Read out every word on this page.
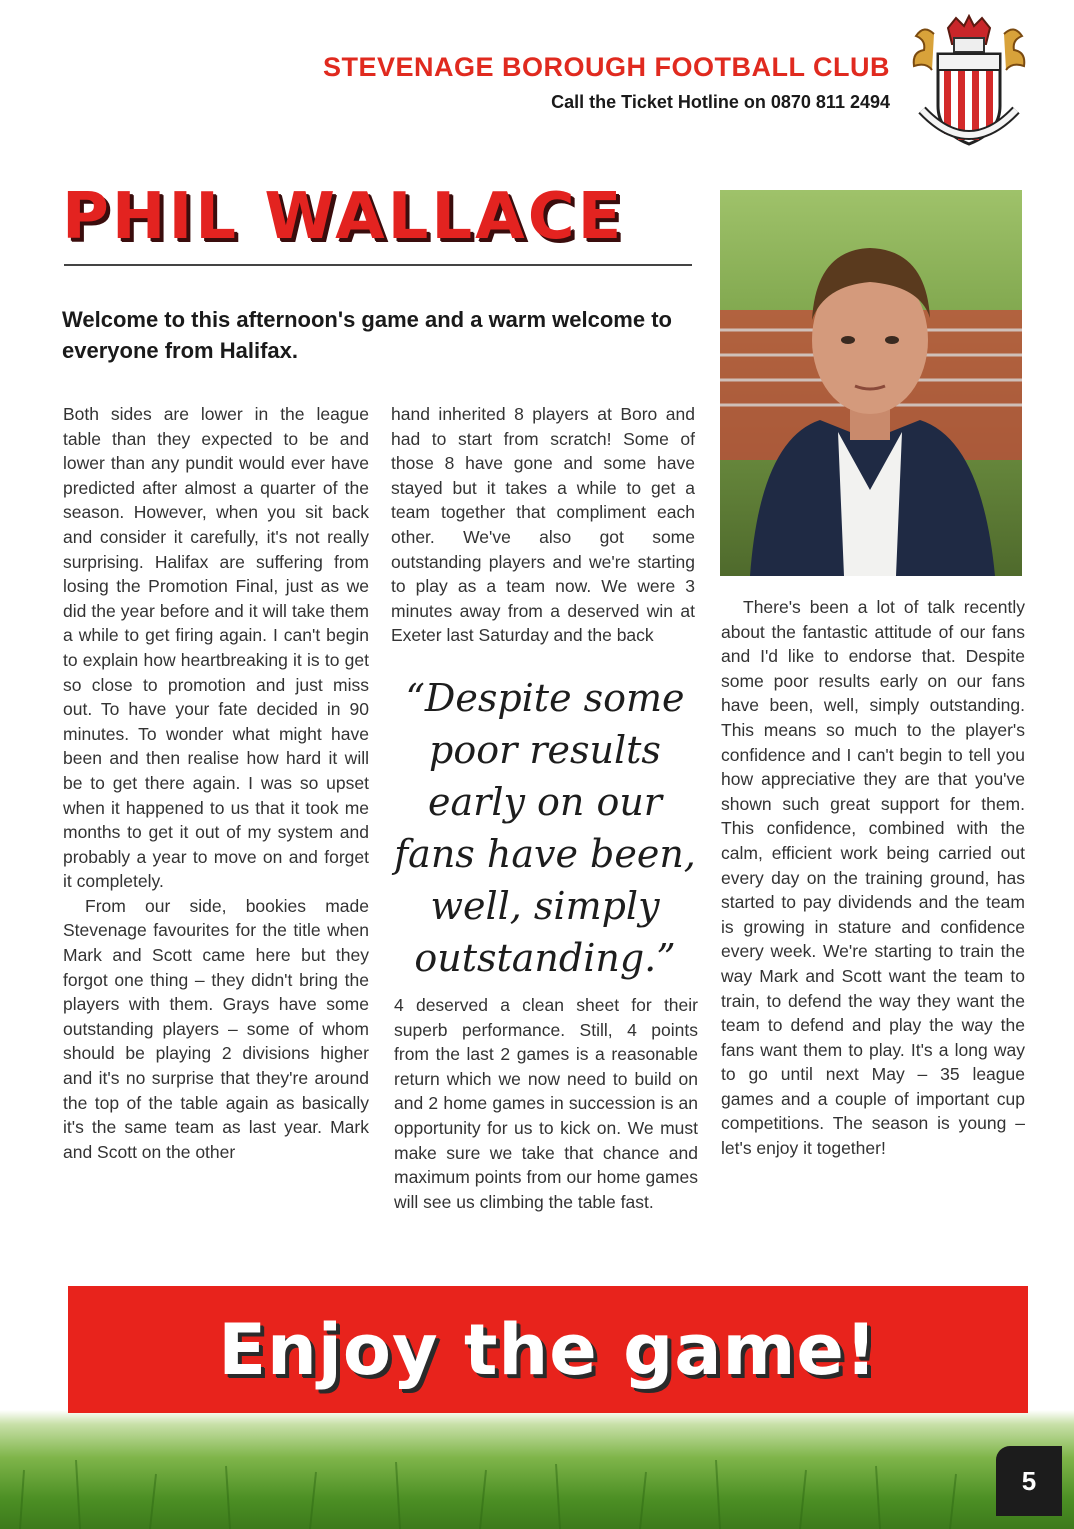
STEVENAGE BOROUGH FOOTBALL CLUB
Call the Ticket Hotline on 0870 811 2494
PHIL WALLACE
Welcome to this afternoon's game and a warm welcome to everyone from Halifax.

Both sides are lower in the league table than they expected to be and lower than any pundit would ever have predicted after almost a quarter of the season. However, when you sit back and consider it carefully, it's not really surprising. Halifax are suffering from losing the Promotion Final, just as we did the year before and it will take them a while to get firing again. I can't begin to explain how heartbreaking it is to get so close to promotion and just miss out. To have your fate decided in 90 minutes. To wonder what might have been and then realise how hard it will be to get there again. I was so upset when it happened to us that it took me months to get it out of my system and probably a year to move on and forget it completely.

From our side, bookies made Stevenage favourites for the title when Mark and Scott came here but they forgot one thing – they didn't bring the players with them. Grays have some outstanding players – some of whom should be playing 2 divisions higher and it's no surprise that they're around the top of the table again as basically it's the same team as last year. Mark and Scott on the other

hand inherited 8 players at Boro and had to start from scratch! Some of those 8 have gone and some have stayed but it takes a while to get a team together that compliment each other. We've also got some outstanding players and we're starting to play as a team now. We were 3 minutes away from a deserved win at Exeter last Saturday and the back

“Despite some poor results early on our fans have been, well, simply outstanding.”

4 deserved a clean sheet for their superb performance. Still, 4 points from the last 2 games is a reasonable return which we now need to build on and 2 home games in succession is an opportunity for us to kick on. We must make sure we take that chance and maximum points from our home games will see us climbing the table fast.

There's been a lot of talk recently about the fantastic attitude of our fans and I'd like to endorse that. Despite some poor results early on our fans have been, well, simply outstanding. This means so much to the player's confidence and I can't begin to tell you how appreciative they are that you've shown such great support for them. This confidence, combined with the calm, efficient work being carried out every day on the training ground, has started to pay dividends and the team is growing in stature and confidence every week. We're starting to train the way Mark and Scott want the team to train, to defend the way they want the team to defend and play the way the fans want them to play. It's a long way to go until next May – 35 league games and a couple of important cup competitions. The season is young – let's enjoy it together!

Enjoy the game!
5
